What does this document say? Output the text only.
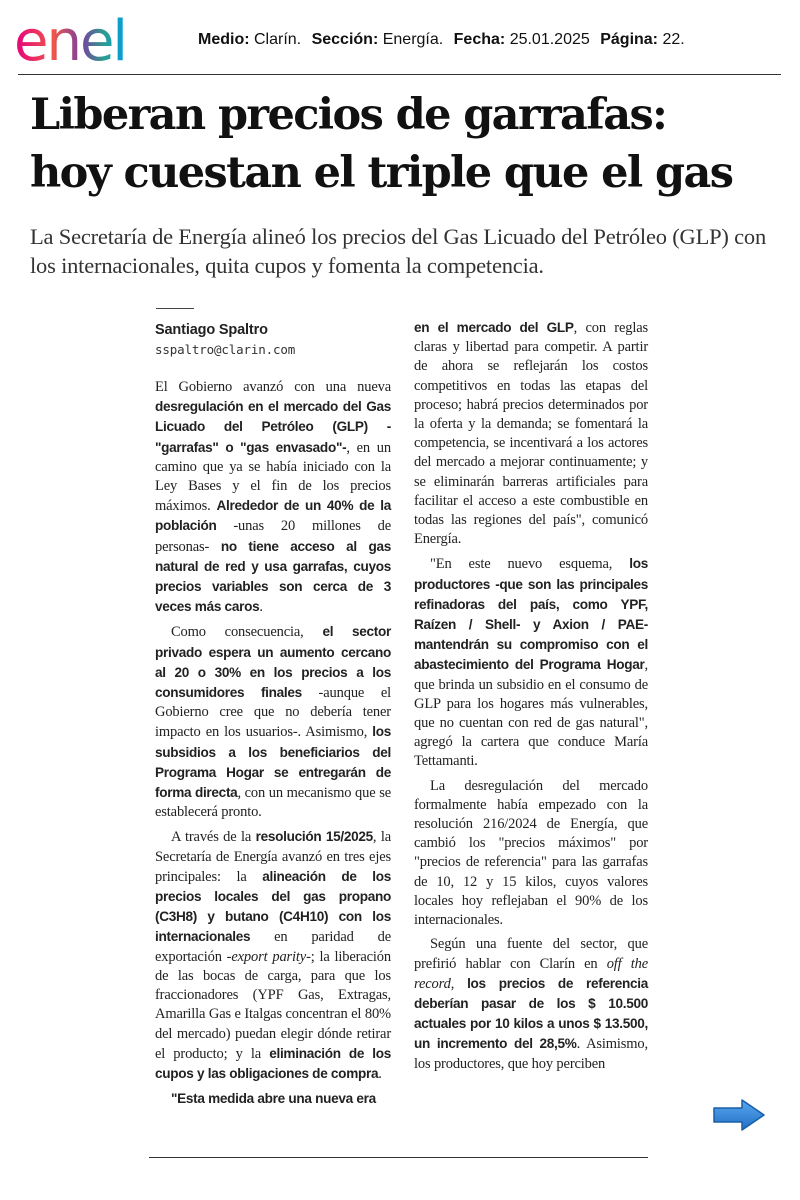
enel	Medio: Clarín. Sección: Energía. Fecha: 25.01.2025 Página: 22.
Liberan precios de garrafas:
hoy cuestan el triple que el gas
La Secretaría de Energía alineó los precios del Gas Licuado del Petróleo (GLP) con los internacionales, quita cupos y fomenta la competencia.
Santiago Spaltro
sspaltro@clarin.com

El Gobierno avanzó con una nueva desregulación en el mercado del Gas Licuado del Petróleo (GLP) - "garrafas" o "gas envasado"-, en un camino que ya se había iniciado con la Ley Bases y el fin de los precios máximos. Alrededor de un 40% de la población -unas 20 millones de personas- no tiene acceso al gas natural de red y usa garrafas, cuyos precios variables son cerca de 3 veces más caros.

Como consecuencia, el sector privado espera un aumento cercano al 20 o 30% en los precios a los consumidores finales -aunque el Gobierno cree que no debería tener impacto en los usuarios-. Asimismo, los subsidios a los beneficiarios del Programa Hogar se entregarán de forma directa, con un mecanismo que se establecerá pronto.

A través de la resolución 15/2025, la Secretaría de Energía avanzó en tres ejes principales: la alineación de los precios locales del gas propano (C3H8) y butano (C4H10) con los internacionales en paridad de exportación -export parity-; la liberación de las bocas de carga, para que los fraccionadores (YPF Gas, Extragas, Amarilla Gas e Italgas concentran el 80% del mercado) puedan elegir dónde retirar el producto; y la eliminación de los cupos y las obligaciones de compra.

"Esta medida abre una nueva era

en el mercado del GLP, con reglas claras y libertad para competir. A partir de ahora se reflejarán los costos competitivos en todas las etapas del proceso; habrá precios determinados por la oferta y la demanda; se fomentará la competencia, se incentivará a los actores del mercado a mejorar continuamente; y se eliminarán barreras artificiales para facilitar el acceso a este combustible en todas las regiones del país", comunicó Energía.

"En este nuevo esquema, los productores -que son las principales refinadoras del país, como YPF, Raízen / Shell- y Axion / PAE- mantendrán su compromiso con el abastecimiento del Programa Hogar, que brinda un subsidio en el consumo de GLP para los hogares más vulnerables, que no cuentan con red de gas natural", agregó la cartera que conduce María Tettamanti.

La desregulación del mercado formalmente había empezado con la resolución 216/2024 de Energía, que cambió los "precios máximos" por "precios de referencia" para las garrafas de 10, 12 y 15 kilos, cuyos valores locales hoy reflejaban el 90% de los internacionales.

Según una fuente del sector, que prefirió hablar con Clarín en off the record, los precios de referencia deberían pasar de los $ 10.500 actuales por 10 kilos a unos $ 13.500, un incremento del 28,5%. Asimismo, los productores, que hoy perciben
